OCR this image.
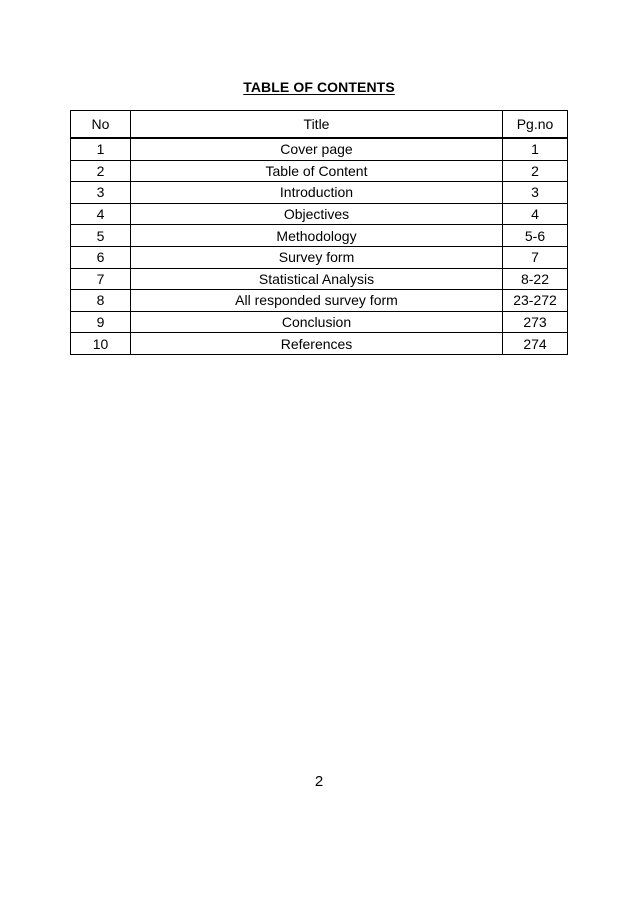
TABLE OF CONTENTS
No	Title	Pg.no
1	Cover page	1
2	Table of Content	2
3	Introduction	3
4	Objectives	4
5	Methodology	5-6
6	Survey form	7
7	Statistical Analysis	8-22
8	All responded survey form	23-272
9	Conclusion	273
10	References	274
2
